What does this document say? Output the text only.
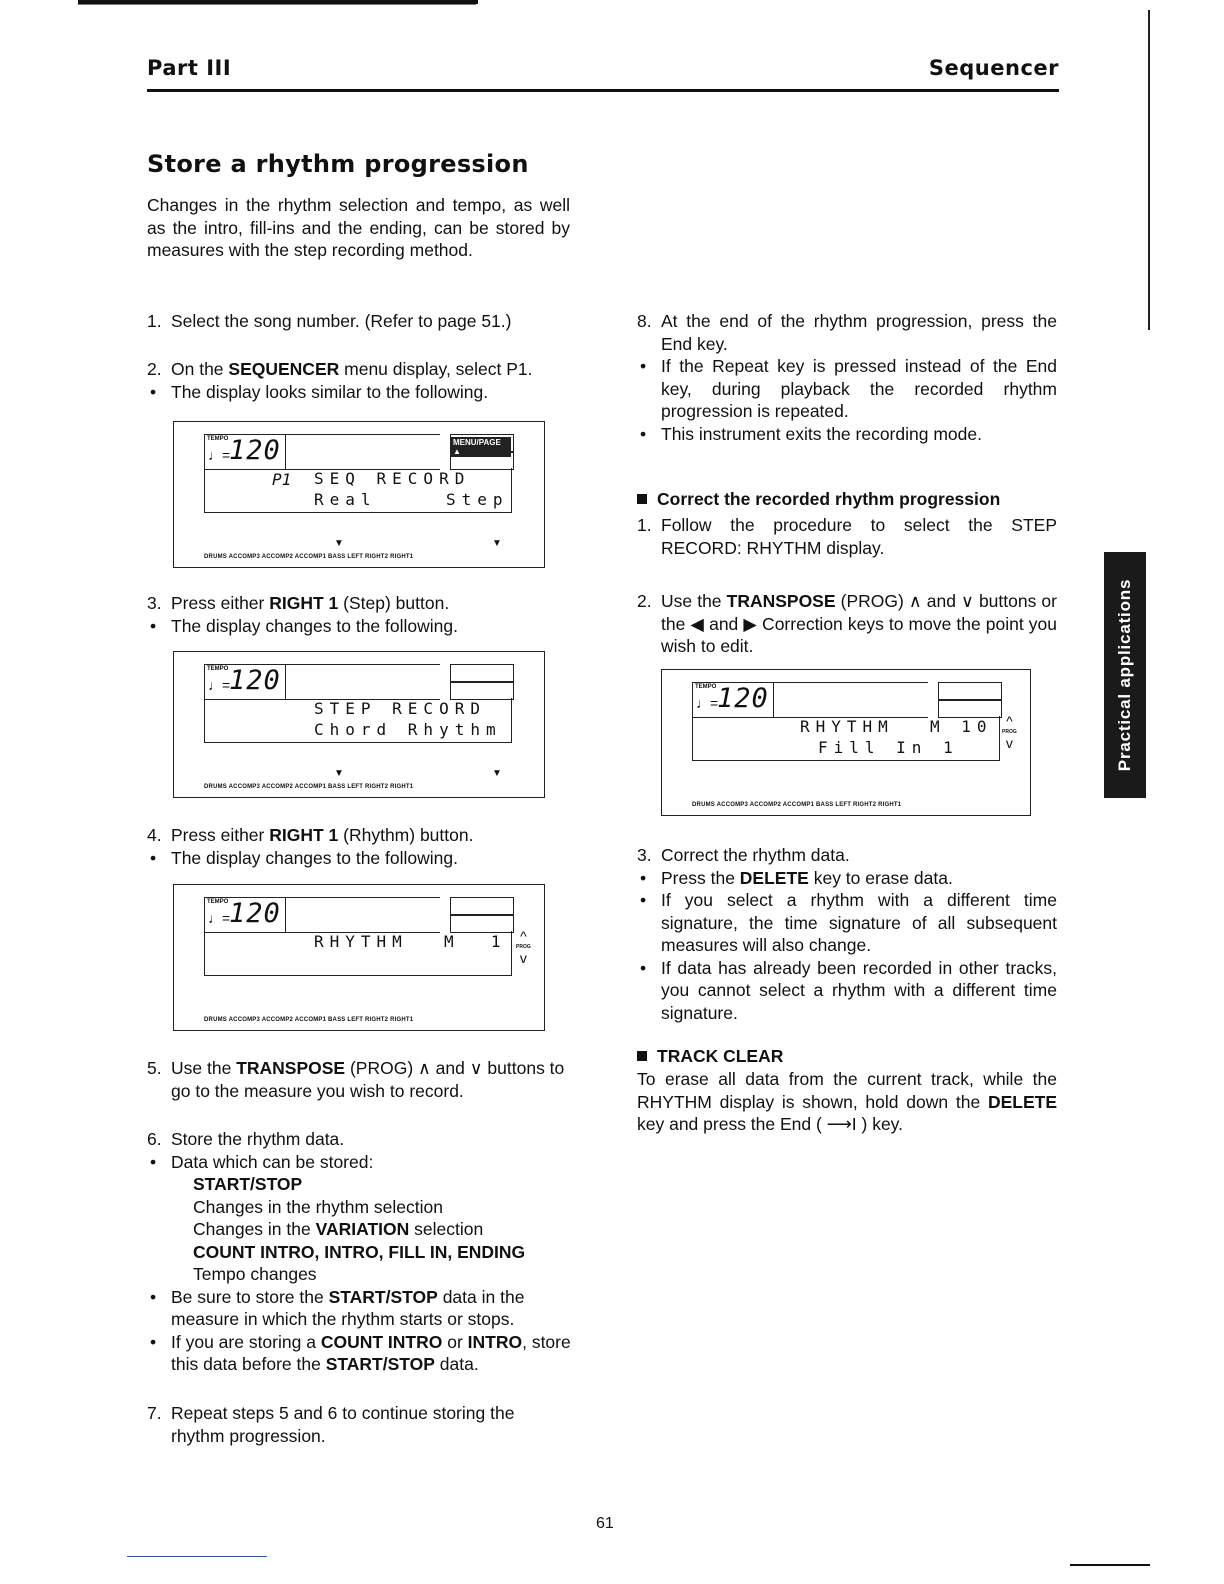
Part III	Sequencer
Store a rhythm progression
Changes in the rhythm selection and tempo, as well as the intro, fill-ins and the ending, can be stored by measures with the step recording method.
1. Select the song number. (Refer to page 51.)
2. On the SEQUENCER menu display, select P1.
• The display looks similar to the following.
TEMPO
♩=
120	MENU/PAGE ▲
P1 SEQ RECORD
Real	Step
▼	▼
DRUMS ACCOMP3 ACCOMP2 ACCOMP1 BASS LEFT RIGHT2 RIGHT1
3. Press either RIGHT 1 (Step) button.
• The display changes to the following.
TEMPO
♩=
120
STEP RECORD
Chord Rhythm
▼	▼
DRUMS ACCOMP3 ACCOMP2 ACCOMP1 BASS LEFT RIGHT2 RIGHT1
4. Press either RIGHT 1 (Rhythm) button.
• The display changes to the following.
TEMPO
♩=
120
RHYTHM M  1 ^
PROG
v
DRUMS ACCOMP3 ACCOMP2 ACCOMP1 BASS LEFT RIGHT2 RIGHT1
5. Use the TRANSPOSE (PROG) ∧ and ∨ buttons to go to the measure you wish to record.
6. Store the rhythm data.
• Data which can be stored:
START/STOP
Changes in the rhythm selection
Changes in the VARIATION selection
COUNT INTRO, INTRO, FILL IN, ENDING
Tempo changes
• Be sure to store the START/STOP data in the measure in which the rhythm starts or stops.
• If you are storing a COUNT INTRO or INTRO, store this data before the START/STOP data.
7. Repeat steps 5 and 6 to continue storing the rhythm progression.
8. At the end of the rhythm progression, press the End key.
• If the Repeat key is pressed instead of the End key, during playback the recorded rhythm progression is repeated.
• This instrument exits the recording mode.
Correct the recorded rhythm progression
1. Follow the procedure to select the STEP RECORD: RHYTHM display.
2. Use the TRANSPOSE (PROG) ∧ and ∨ buttons or the ◀ and ▶ Correction keys to move the point you wish to edit.
TEMPO
♩=
120
RHYTHM M 10
Fill In 1
^
PROG
v
DRUMS ACCOMP3 ACCOMP2 ACCOMP1 BASS LEFT RIGHT2 RIGHT1
3. Correct the rhythm data.
• Press the DELETE key to erase data.
• If you select a rhythm with a different time signature, the time signature of all subsequent measures will also change.
• If data has already been recorded in other tracks, you cannot select a rhythm with a different time signature.
TRACK CLEAR
To erase all data from the current track, while the RHYTHM display is shown, hold down the DELETE key and press the End ( ⟶I ) key.
Practical applications
61
